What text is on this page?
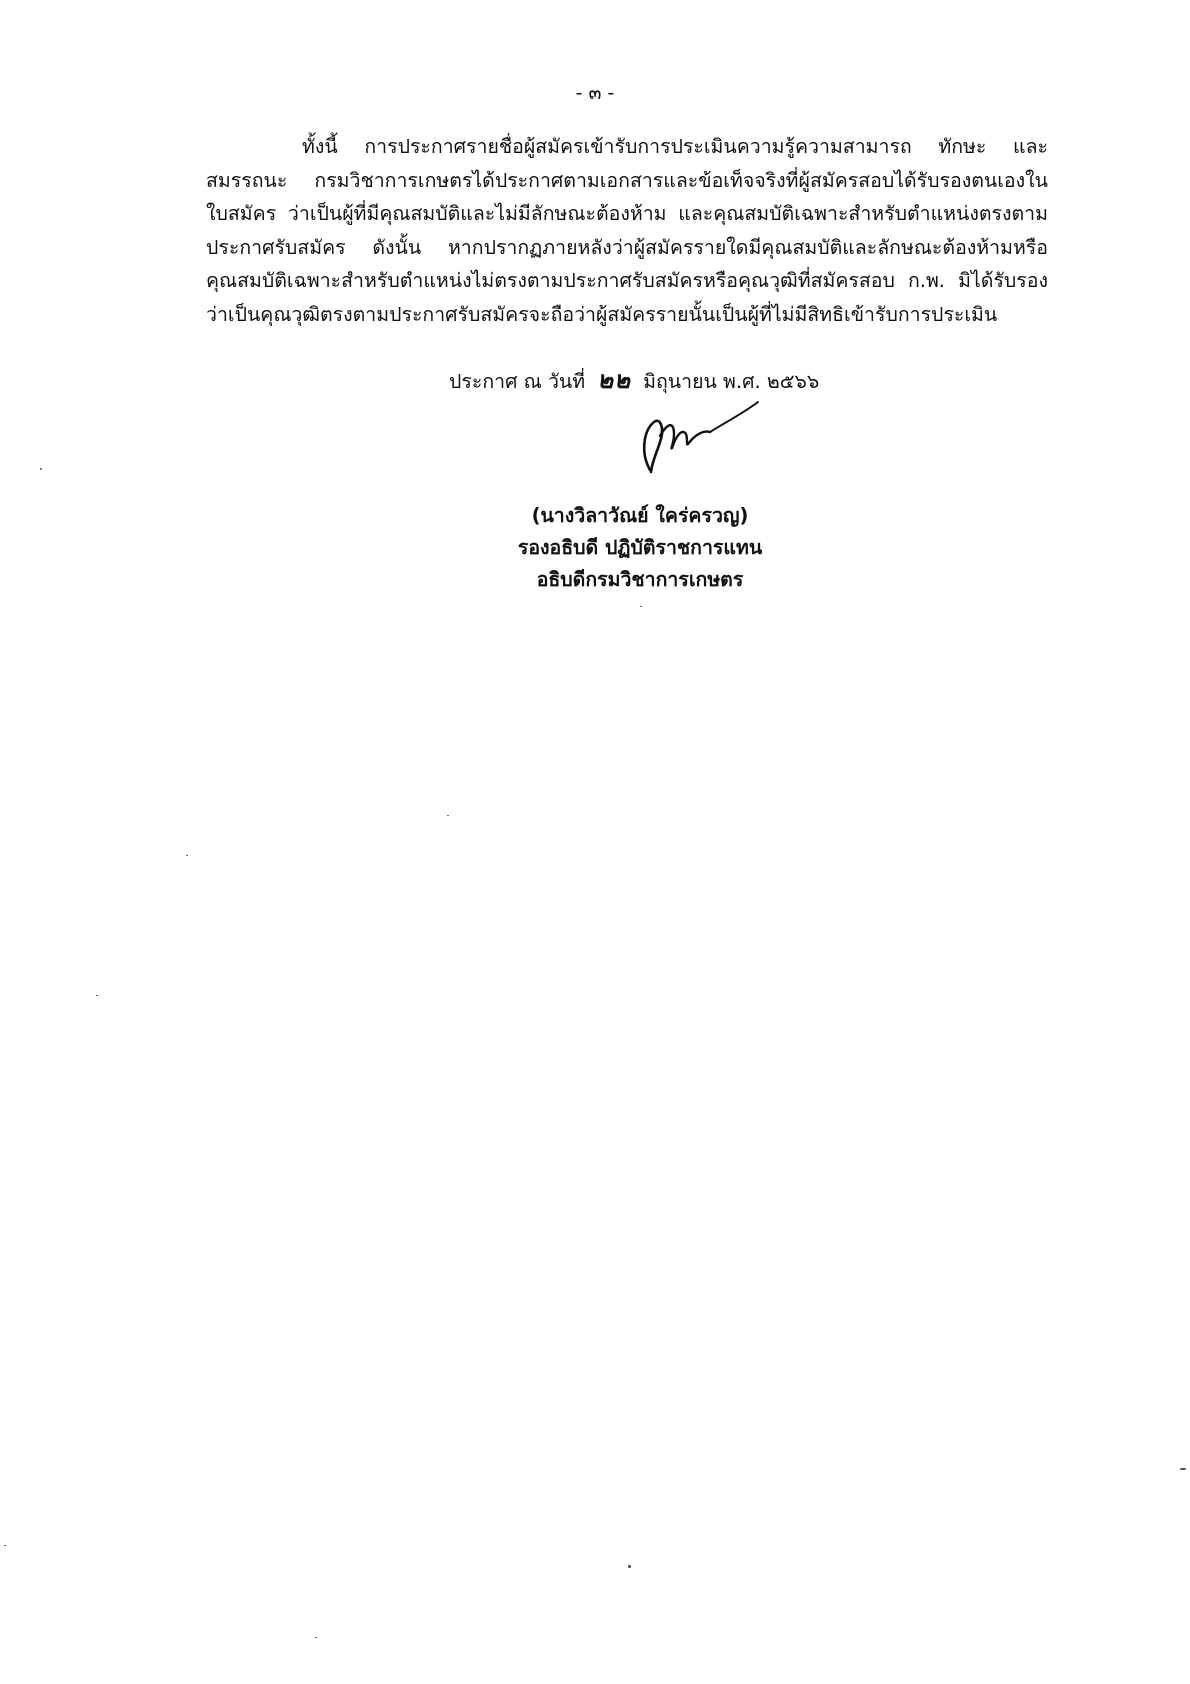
- ๓ -

ทั้งนี้ การประกาศรายชื่อผู้สมัครเข้ารับการประเมินความรู้ความสามารถ ทักษะ และสมรรถนะ กรมวิชาการเกษตรได้ประกาศตามเอกสารและข้อเท็จจริงที่ผู้สมัครสอบได้รับรองตนเองในใบสมัคร ว่าเป็นผู้ที่มีคุณสมบัติและไม่มีลักษณะต้องห้าม และคุณสมบัติเฉพาะสำหรับตำแหน่งตรงตามประกาศรับสมัคร ดังนั้น หากปรากฏภายหลังว่าผู้สมัครรายใดมีคุณสมบัติและลักษณะต้องห้ามหรือคุณสมบัติเฉพาะสำหรับตำแหน่งไม่ตรงตามประกาศรับสมัครหรือคุณวุฒิที่สมัครสอบ ก.พ. มิได้รับรองว่าเป็นคุณวุฒิตรงตามประกาศรับสมัครจะถือว่าผู้สมัครรายนั้นเป็นผู้ที่ไม่มีสิทธิเข้ารับการประเมิน

ประกาศ ณ วันที่ ๒๒ มิถุนายน พ.ศ. ๒๕๖๖
(นางวิลาวัณย์ ใคร่ครวญ)
รองอธิบดี ปฏิบัติราชการแทน
อธิบดีกรมวิชาการเกษตร
